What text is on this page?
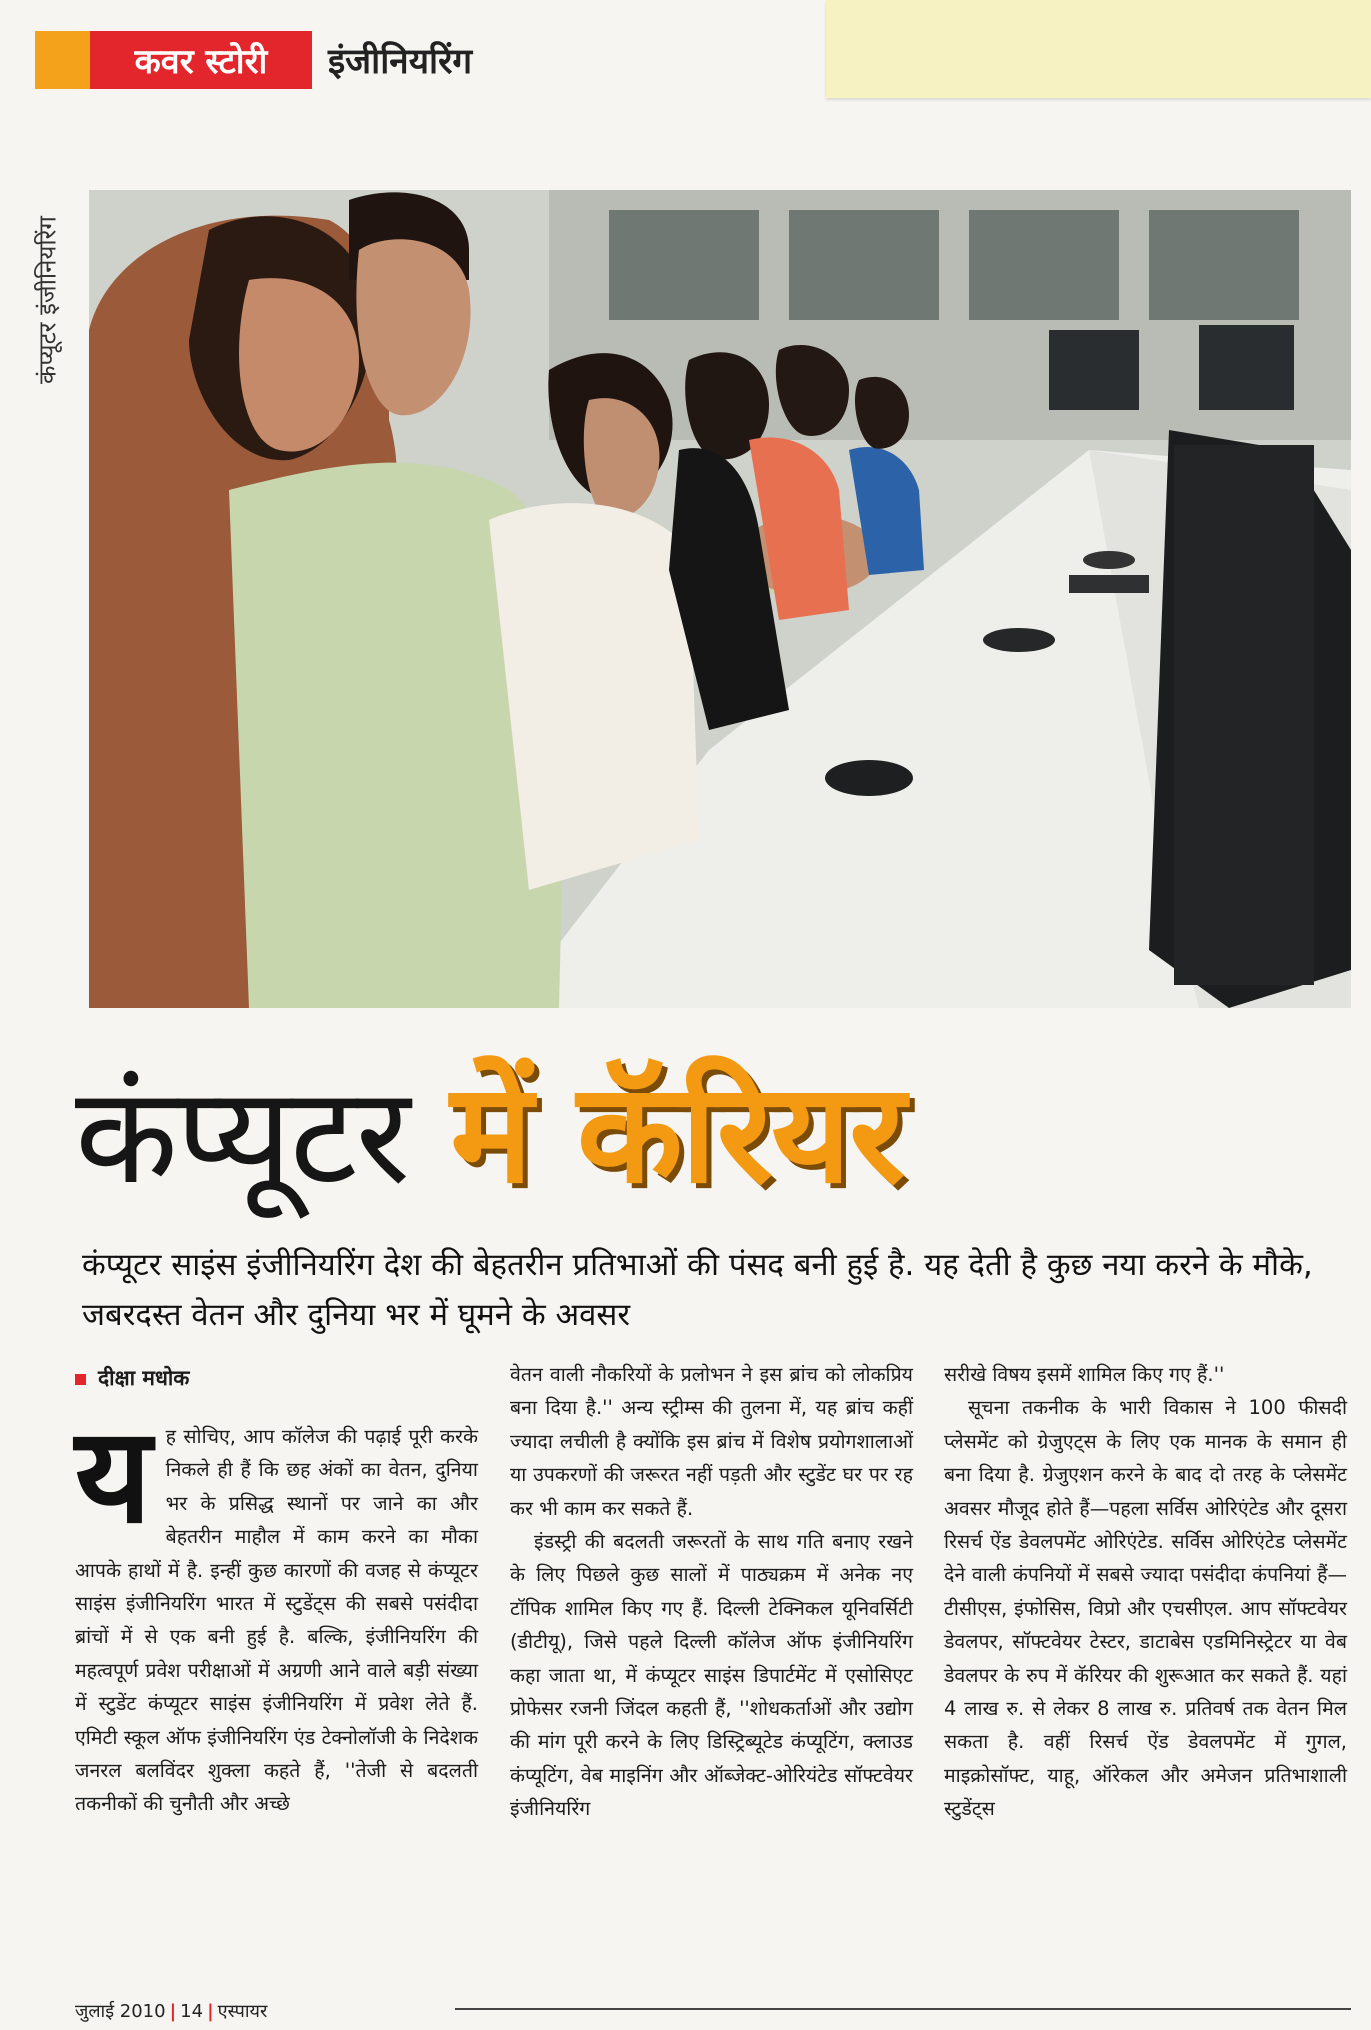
कवर स्टोरी	इंजीनियरिंग
कंप्यूटर इंजीनियरिंग
कंप्यूटर में कॅरियर
कंप्यूटर साइंस इंजीनियरिंग देश की बेहतरीन प्रतिभाओं की पंसद बनी हुई है. यह देती है कुछ नया करने के मौके, जबरदस्त वेतन और दुनिया भर में घूमने के अवसर
दीक्षा मधोक
य ह सोचिए, आप कॉलेज की पढ़ाई पूरी करके निकले ही हैं कि छह अंकों का वेतन, दुनिया भर के प्रसिद्ध स्थानों पर जाने का और बेहतरीन माहौल में काम करने का मौका आपके हाथों में है. इन्हीं कुछ कारणों की वजह से कंप्यूटर साइंस इंजीनियरिंग भारत में स्टुडेंट्स की सबसे पसंदीदा ब्रांचों में से एक बनी हुई है. बल्कि, इंजीनियरिंग की महत्वपूर्ण प्रवेश परीक्षाओं में अग्रणी आने वाले बड़ी संख्या में स्टुडेंट कंप्यूटर साइंस इंजीनियरिंग में प्रवेश लेते हैं. एमिटी स्कूल ऑफ इंजीनियरिंग एंड टेक्नोलॉजी के निदेशक जनरल बलविंदर शुक्ला कहते हैं, ''तेजी से बदलती तकनीकों की चुनौती और अच्छे

वेतन वाली नौकरियों के प्रलोभन ने इस ब्रांच को लोकप्रिय बना दिया है.'' अन्य स्ट्रीम्स की तुलना में, यह ब्रांच कहीं ज्यादा लचीली है क्योंकि इस ब्रांच में विशेष प्रयोगशालाओं या उपकरणों की जरूरत नहीं पड़ती और स्टुडेंट घर पर रह कर भी काम कर सकते हैं.

इंडस्ट्री की बदलती जरूरतों के साथ गति बनाए रखने के लिए पिछले कुछ सालों में पाठ्यक्रम में अनेक नए टॉपिक शामिल किए गए हैं. दिल्ली टेक्निकल यूनिवर्सिटी (डीटीयू), जिसे पहले दिल्ली कॉलेज ऑफ इंजीनियरिंग कहा जाता था, में कंप्यूटर साइंस डिपार्टमेंट में एसोसिएट प्रोफेसर रजनी जिंदल कहती हैं, ''शोधकर्ताओं और उद्योग की मांग पूरी करने के लिए डिस्ट्रिब्यूटेड कंप्यूटिंग, क्लाउड कंप्यूटिंग, वेब माइनिंग और ऑब्जेक्ट-ओरियंटेड सॉफ्टवेयर इंजीनियरिंग

सरीखे विषय इसमें शामिल किए गए हैं.''

सूचना तकनीक के भारी विकास ने 100 फीसदी प्लेसमेंट को ग्रेजुएट्स के लिए एक मानक के समान ही बना दिया है. ग्रेजुएशन करने के बाद दो तरह के प्लेसमेंट अवसर मौजूद होते हैं—पहला सर्विस ओरिएंटेड और दूसरा रिसर्च ऐंड डेवलपमेंट ओरिएंटेड. सर्विस ओरिएंटेड प्लेसमेंट देने वाली कंपनियों में सबसे ज्यादा पसंदीदा कंपनियां हैं—टीसीएस, इंफोसिस, विप्रो और एचसीएल. आप सॉफ्टवेयर डेवलपर, सॉफ्टवेयर टेस्टर, डाटाबेस एडमिनिस्ट्रेटर या वेब डेवलपर के रुप में कॅरियर की शुरूआत कर सकते हैं. यहां 4 लाख रु. से लेकर 8 लाख रु. प्रतिवर्ष तक वेतन मिल सकता है. वहीं रिसर्च ऐंड डेवलपमेंट में गुगल, माइक्रोसॉफ्ट, याहू, ऑरेकल और अमेजन प्रतिभाशाली स्टुडेंट्स

जुलाई 2010 | 14 | एस्पायर
